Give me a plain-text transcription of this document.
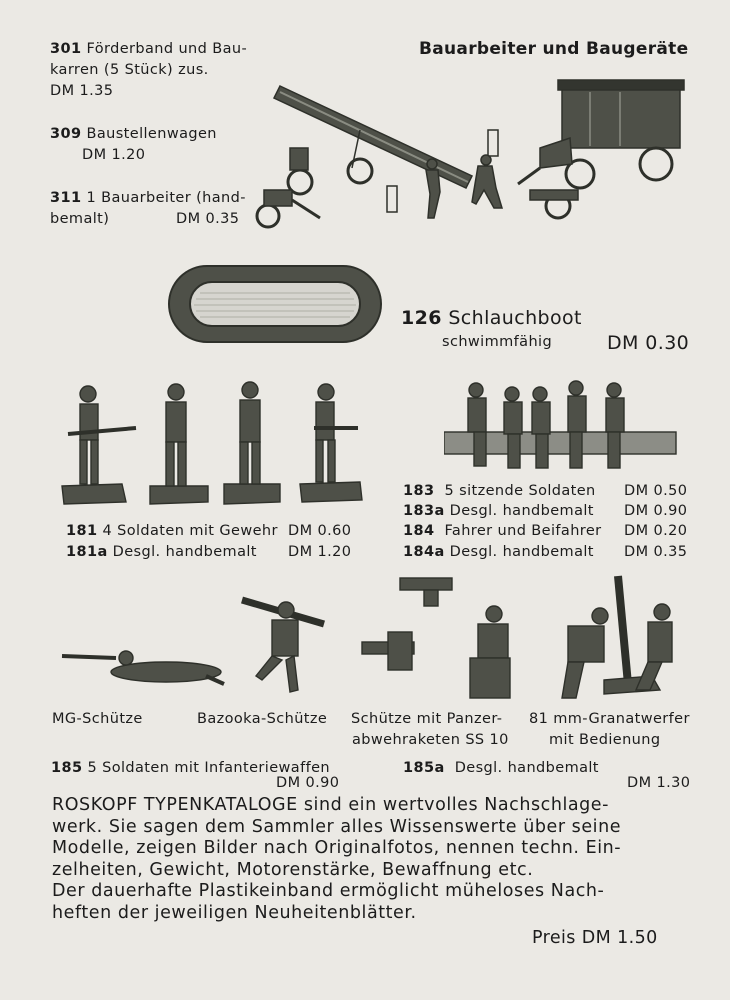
Bauarbeiter und Baugeräte
301 Förderband und Bau-
karren (5 Stück) zus.
DM 1.35
309 Baustellenwagen
DM 1.20
311 1 Bauarbeiter (hand-
bemalt)	DM 0.35
126 Schlauchboot
schwimmfähig	DM 0.30
183 5 sitzende Soldaten DM 0.50
183a Desgl. handbemalt DM 0.90
184 Fahrer und Beifahrer DM 0.20
184a Desgl. handbemalt DM 0.35
181 4 Soldaten mit Gewehr DM 0.60
181a Desgl. handbemalt DM 1.20
MG-Schütze	Bazooka-Schütze Schütze mit Panzer-
abwehraketen SS 10
81 mm-Granatwerfer
mit Bedienung
185 5 Soldaten mit Infanteriewaffen
DM 0.90
185a Desgl. handbemalt
DM 1.30
ROSKOPF TYPENKATALOGE sind ein wertvolles Nachschlage-
werk. Sie sagen dem Sammler alles Wissenswerte über seine
Modelle, zeigen Bilder nach Originalfotos, nennen techn. Ein-
zelheiten, Gewicht, Motorenstärke, Bewaffnung etc.
Der dauerhafte Plastikeinband ermöglicht müheloses Nach-
heften der jeweiligen Neuheitenblätter.
Preis DM 1.50
